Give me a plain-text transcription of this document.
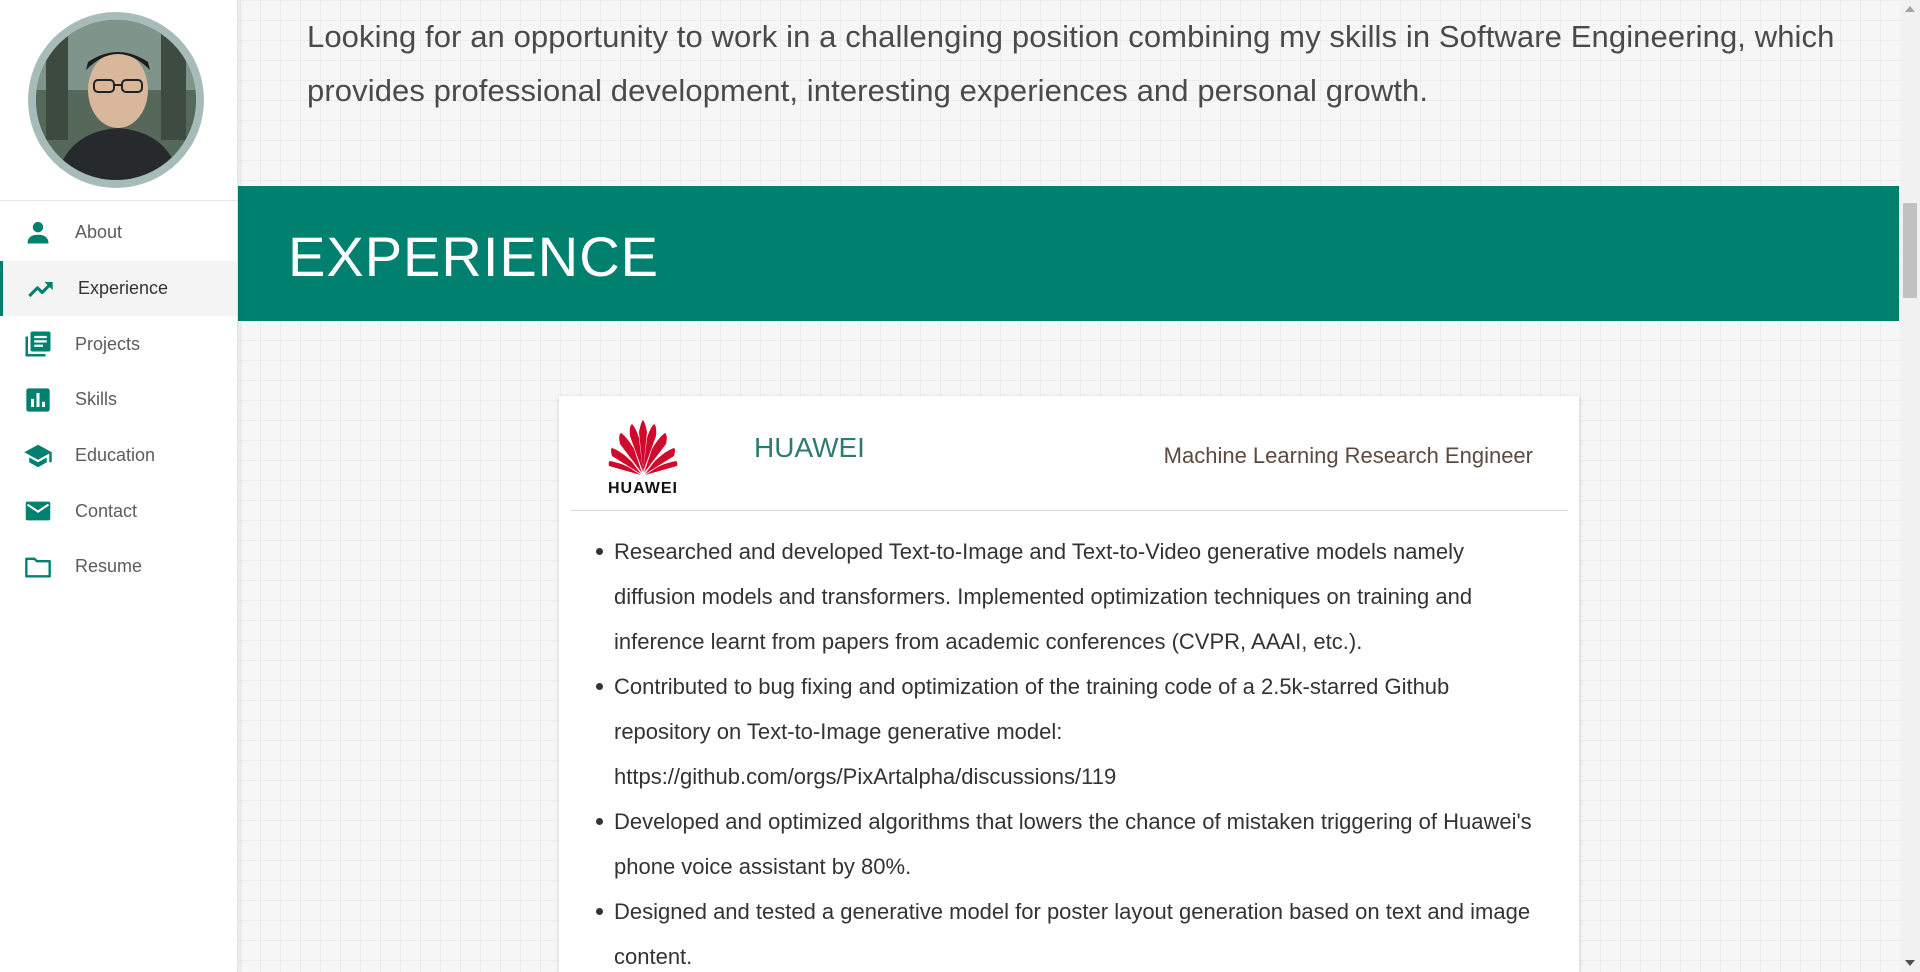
About
Experience
Projects
Skills
Education
Contact
Resume
Looking for an opportunity to work in a challenging position combining my skills in Software Engineering, which provides professional development, interesting experiences and personal growth.
EXPERIENCE
HUAWEI
HUAWEI	Machine Learning Research Engineer
Researched and developed Text-to-Image and Text-to-Video generative models namely diffusion models and transformers. Implemented optimization techniques on training and inference learnt from papers from academic conferences (CVPR, AAAI, etc.).
Contributed to bug fixing and optimization of the training code of a 2.5k-starred Github repository on Text-to-Image generative model: https://github.com/orgs/PixArtalpha/discussions/119
Developed and optimized algorithms that lowers the chance of mistaken triggering of Huawei's phone voice assistant by 80%.
Designed and tested a generative model for poster layout generation based on text and image content.
